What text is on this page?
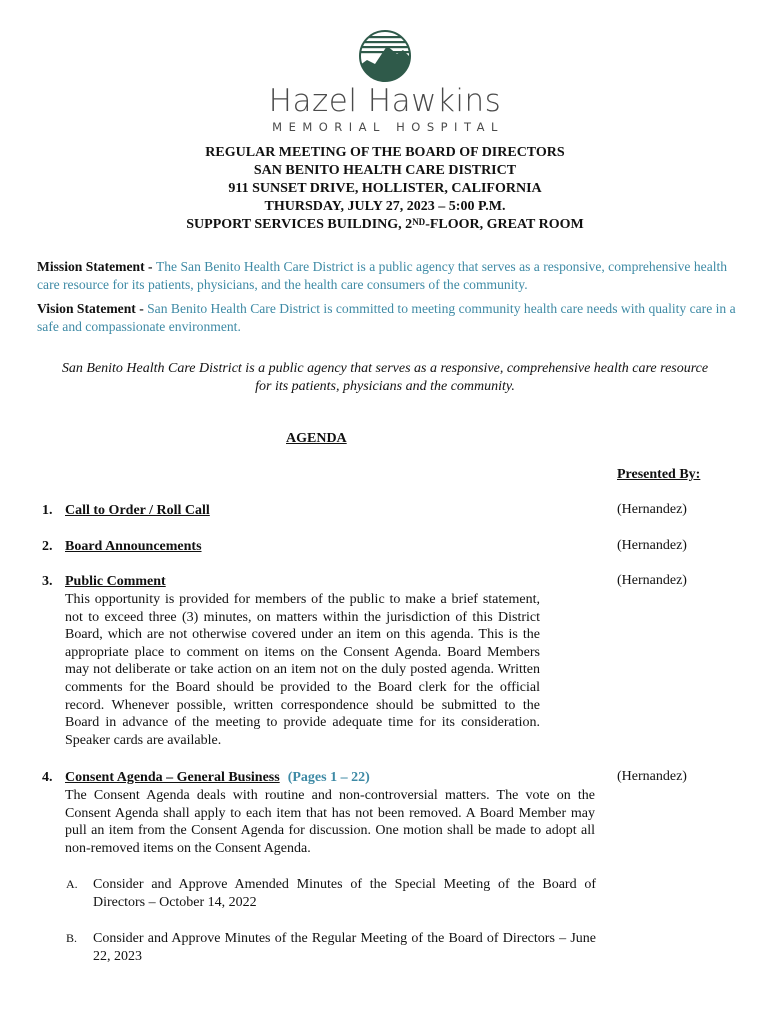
Hazel Hawkins
MEMORIAL HOSPITAL
REGULAR MEETING OF THE BOARD OF DIRECTORS
SAN BENITO HEALTH CARE DISTRICT
911 SUNSET DRIVE, HOLLISTER, CALIFORNIA
THURSDAY, JULY 27, 2023 – 5:00 P.M.
SUPPORT SERVICES BUILDING, 2ND-FLOOR, GREAT ROOM
Mission Statement - The San Benito Health Care District is a public agency that serves as a responsive, comprehensive health care resource for its patients, physicians, and the health care consumers of the community.
Vision Statement - San Benito Health Care District is committed to meeting community health care needs with quality care in a safe and compassionate environment.
San Benito Health Care District is a public agency that serves as a responsive, comprehensive health care resource for its patients, physicians and the community.
AGENDA
Presented By:
1. Call to Order / Roll Call	(Hernandez)
2. Board Announcements	(Hernandez)
3. Public Comment	(Hernandez)
This opportunity is provided for members of the public to make a brief statement, not to exceed three (3) minutes, on matters within the jurisdiction of this District Board, which are not otherwise covered under an item on this agenda. This is the appropriate place to comment on items on the Consent Agenda. Board Members may not deliberate or take action on an item not on the duly posted agenda. Written comments for the Board should be provided to the Board clerk for the official record. Whenever possible, written correspondence should be submitted to the Board in advance of the meeting to provide adequate time for its consideration. Speaker cards are available.
4. Consent Agenda – General Business (Pages 1 – 22)	(Hernandez)
The Consent Agenda deals with routine and non-controversial matters. The vote on the Consent Agenda shall apply to each item that has not been removed. A Board Member may pull an item from the Consent Agenda for discussion. One motion shall be made to adopt all non-removed items on the Consent Agenda.
A. Consider and Approve Amended Minutes of the Special Meeting of the Board of Directors – October 14, 2022
B. Consider and Approve Minutes of the Regular Meeting of the Board of Directors – June 22, 2023
